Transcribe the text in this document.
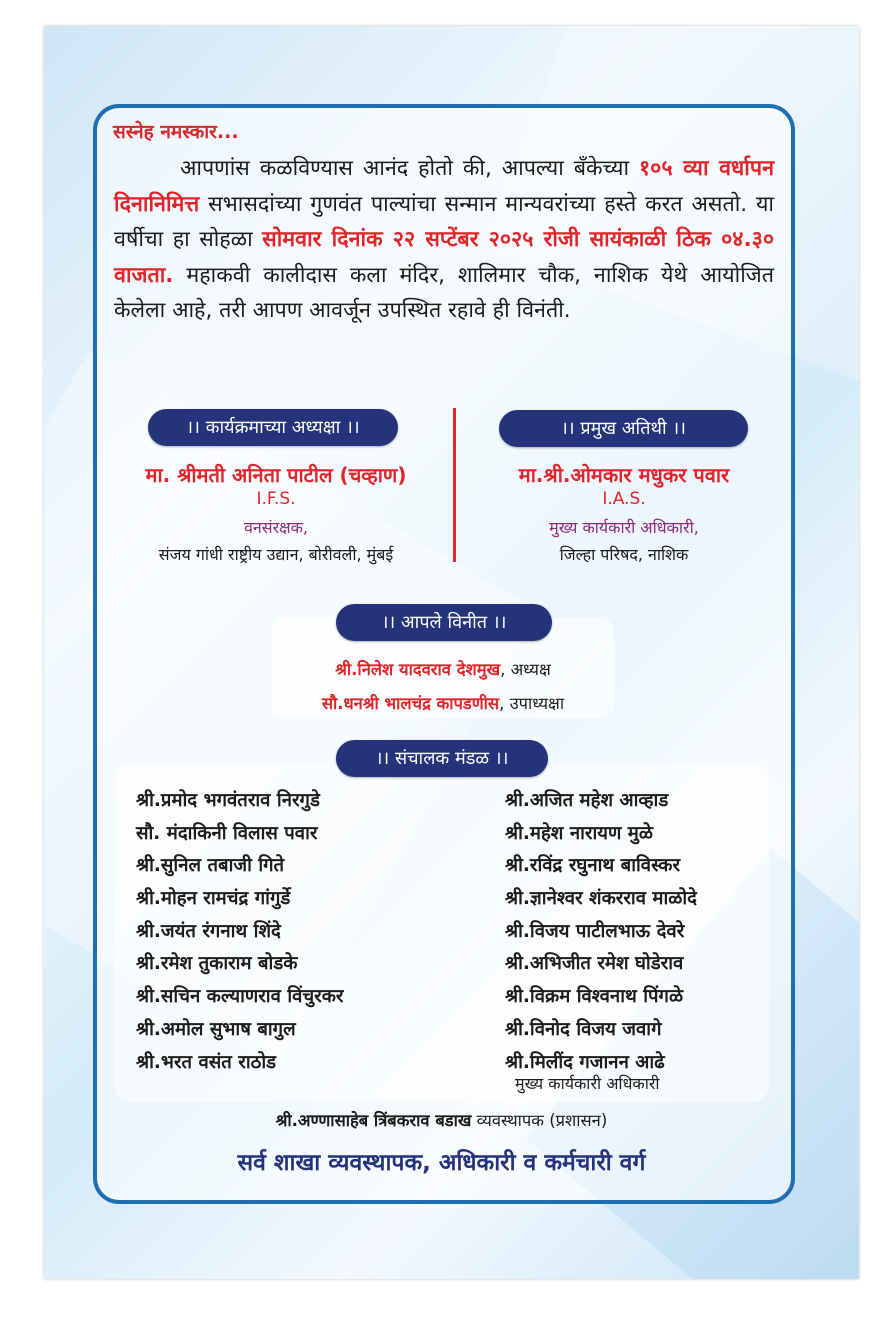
सस्नेह नमस्कार...

आपणांस कळविण्यास आनंद होतो की, आपल्या बँकेच्या १०५ व्या वर्धापन दिनानिमित्त सभासदांच्या गुणवंत पाल्यांचा सन्मान मान्यवरांच्या हस्ते करत असतो. या वर्षीचा हा सोहळा सोमवार दिनांक २२ सप्टेंबर २०२५ रोजी सायंकाळी ठिक ०४.३० वाजता. महाकवी कालीदास कला मंदिर, शालिमार चौक, नाशिक येथे आयोजित केलेला आहे, तरी आपण आवर्जून उपस्थित रहावे ही विनंती.

।। कार्यक्रमाच्या अध्यक्षा ।।

मा. श्रीमती अनिता पाटील (चव्हाण)

I.F.S.

वनसंरक्षक,

संजय गांधी राष्ट्रीय उद्यान, बोरीवली, मुंबई

।। प्रमुख अतिथी ।।

मा.श्री.ओमकार मधुकर पवार

I.A.S.

मुख्य कार्यकारी अधिकारी,

जिल्हा परिषद, नाशिक

।। आपले विनीत ।।

श्री.निलेश यादवराव देशमुख, अध्यक्ष

सौ.धनश्री भालचंद्र कापडणीस, उपाध्यक्षा

।। संचालक मंडळ ।।
श्री.प्रमोद भगवंतराव निरगुडे
सौ. मंदाकिनी विलास पवार
श्री.सुनिल तबाजी गिते
श्री.मोहन रामचंद्र गांगुर्डे
श्री.जयंत रंगनाथ शिंदे
श्री.रमेश तुकाराम बोडके
श्री.सचिन कल्याणराव विंचुरकर
श्री.अमोल सुभाष बागुल
श्री.भरत वसंत राठोड
श्री.अजित महेश आव्हाड
श्री.महेश नारायण मुळे
श्री.रविंद्र रघुनाथ बाविस्कर
श्री.ज्ञानेश्वर शंकरराव माळोदे
श्री.विजय पाटीलभाऊ देवरे
श्री.अभिजीत रमेश घोडेराव
श्री.विक्रम विश्वनाथ पिंगळे
श्री.विनोद विजय जवागे
श्री.मिलींद गजानन आढे

मुख्य कार्यकारी अधिकारी

श्री.अण्णासाहेब त्रिंबकराव बडाख व्यवस्थापक (प्रशासन)

सर्व शाखा व्यवस्थापक, अधिकारी व कर्मचारी वर्ग
